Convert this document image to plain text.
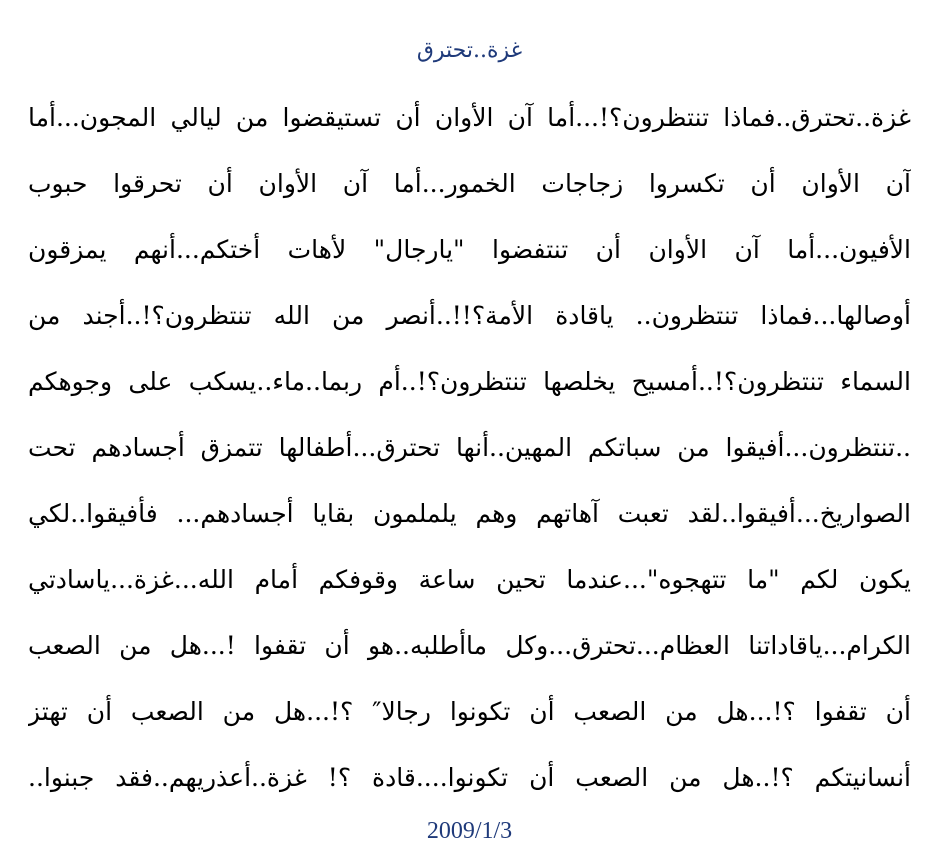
غزة..تحترق
غزة..تحترق..فماذا تنتظرون؟!...أما آن الأوان أن تستيقضوا من ليالي المجون...أما
آن الأوان أن تكسروا زجاجات الخمور...أما آن الأوان أن تحرقوا حبوب
الأفيون...أما آن الأوان أن تنتفضوا "يارجال" لأهات أختكم...أنهم يمزقون
أوصالها...فماذا تنتظرون.. ياقادة الأمة؟!!..أنصر من الله تنتظرون؟!..أجند من
السماء تنتظرون؟!..أمسيح يخلصها تنتظرون؟!..أم ربما..ماء..يسكب على وجوهكم
..تنتظرون...أفيقوا من سباتكم المهين..أنها تحترق...أطفالها تتمزق أجسادهم تحت
الصواريخ...أفيقوا..لقد تعبت آهاتهم وهم يلملمون بقايا أجسادهم... فأفيقوا..لكي
يكون لكم "ما تتهجوه"...عندما تحين ساعة وقوفكم أمام الله...غزة...ياسادتي
الكرام...ياقاداتنا العظام...تحترق...وكل ماأطلبه..هو أن تقفوا !...هل من الصعب
أن تقفوا ؟!...هل من الصعب أن تكونوا رجالا″ ؟!...هل من الصعب أن تهتز
أنسانيتكم ؟!..هل من الصعب أن تكونوا....قادة ؟! غزة..أعذريهم..فقد جبنوا..
2009/1/3
